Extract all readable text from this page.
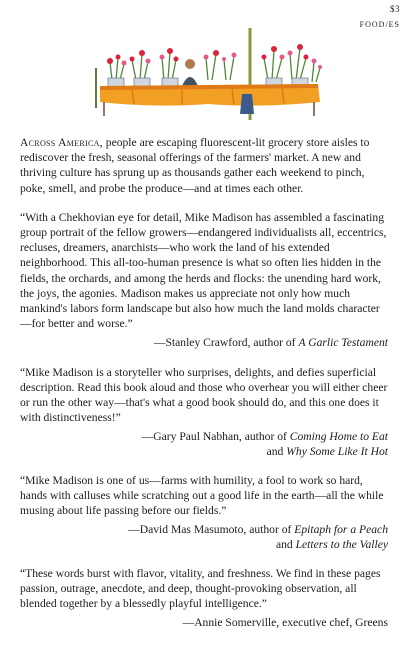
$3
FOOD/ES

Across America, people are escaping fluorescent-lit grocery store aisles to rediscover the fresh, seasonal offerings of the farmers' market. A new and thriving culture has sprung up as thousands gather each weekend to pinch, poke, smell, and probe the produce—and at times each other.

“With a Chekhovian eye for detail, Mike Madison has assembled a fascinating group portrait of the fellow growers—endangered individualists all, eccentrics, recluses, dreamers, anarchists—who work the land of his extended neighborhood. This all-too-human presence is what so often lies hidden in the fields, the orchards, and among the herds and flocks: the unending hard work, the joys, the agonies. Madison makes us appreciate not only how much mankind's labors form landscape but also how much the land molds character—for better and worse.”

—Stanley Crawford, author of A Garlic Testament

“Mike Madison is a storyteller who surprises, delights, and defies superficial description. Read this book aloud and those who overhear you will either cheer or run the other way—that's what a good book should do, and this one does it with distinctiveness!”

—Gary Paul Nabhan, author of Coming Home to Eat

and Why Some Like It Hot

“Mike Madison is one of us—farms with humility, a fool to work so hard, hands with calluses while scratching out a good life in the earth—all the while musing about life passing before our fields.”

—David Mas Masumoto, author of Epitaph for a Peach

and Letters to the Valley

“These words burst with flavor, vitality, and freshness. We find in these pages passion, outrage, anecdote, and deep, thought-provoking observation, all blended together by a blessedly playful intelligence.”

—Annie Somerville, executive chef, Greens
